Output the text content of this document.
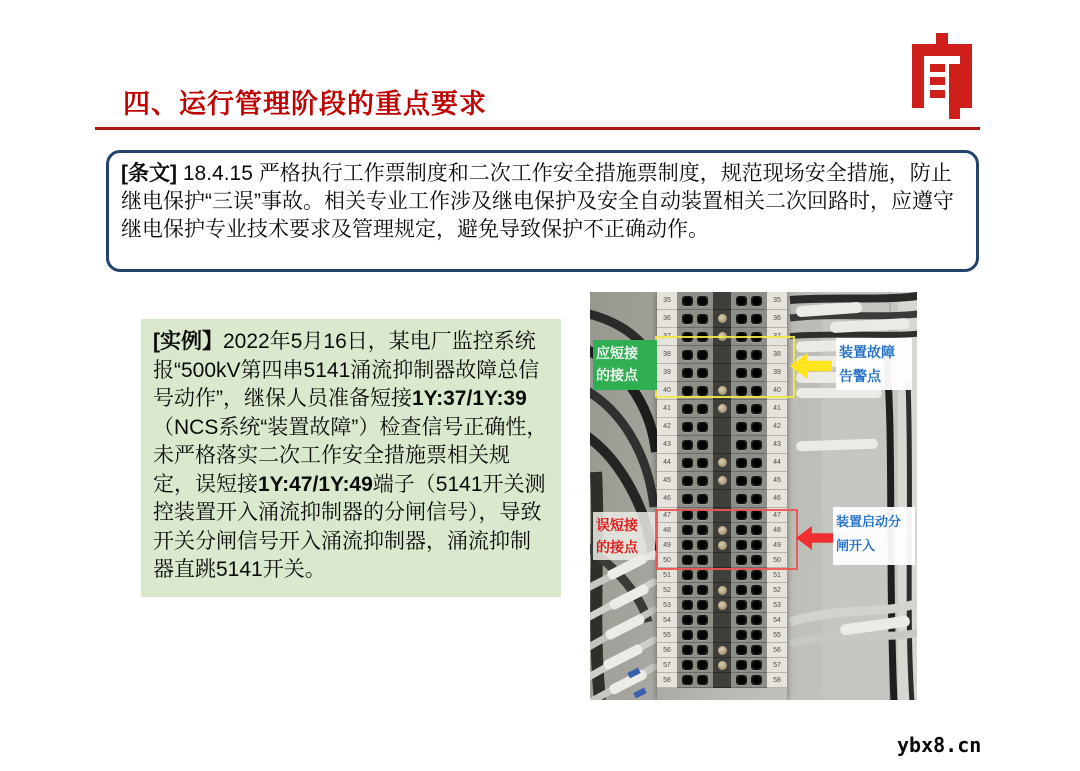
四、运行管理阶段的重点要求
[条文] 18.4.15 严格执行工作票制度和二次工作安全措施票制度，规范现场安全措施，防止继电保护“三误”事故。相关专业工作涉及继电保护及安全自动装置相关二次回路时，应遵守继电保护专业技术要求及管理规定，避免导致保护不正确动作。
[实例】2022年5月16日，某电厂监控系统报“500kV第四串5141涌流抑制器故障总信号动作”，继保人员准备短接1Y:37/1Y:39（NCS系统“装置故障”）检查信号正确性，未严格落实二次工作安全措施票相关规定，误短接1Y:47/1Y:49端子（5141开关测控装置开入涌流抑制器的分闸信号），导致开关分闸信号开入涌流抑制器，涌流抑制器直跳5141开关。
35	35
36	36
37	37
38	38
39	39
40	40
41	41
42	42
43	43
44	44
45	45
46	46
47	47
48	48
49	49
50	50
51	51
52	52
53	53
54	54
55	55
56	56
57	57
58	58
应短接
的接点
装置故障
告警点
误短接
的接点
装置启动分
闸开入
ybx8.cn
